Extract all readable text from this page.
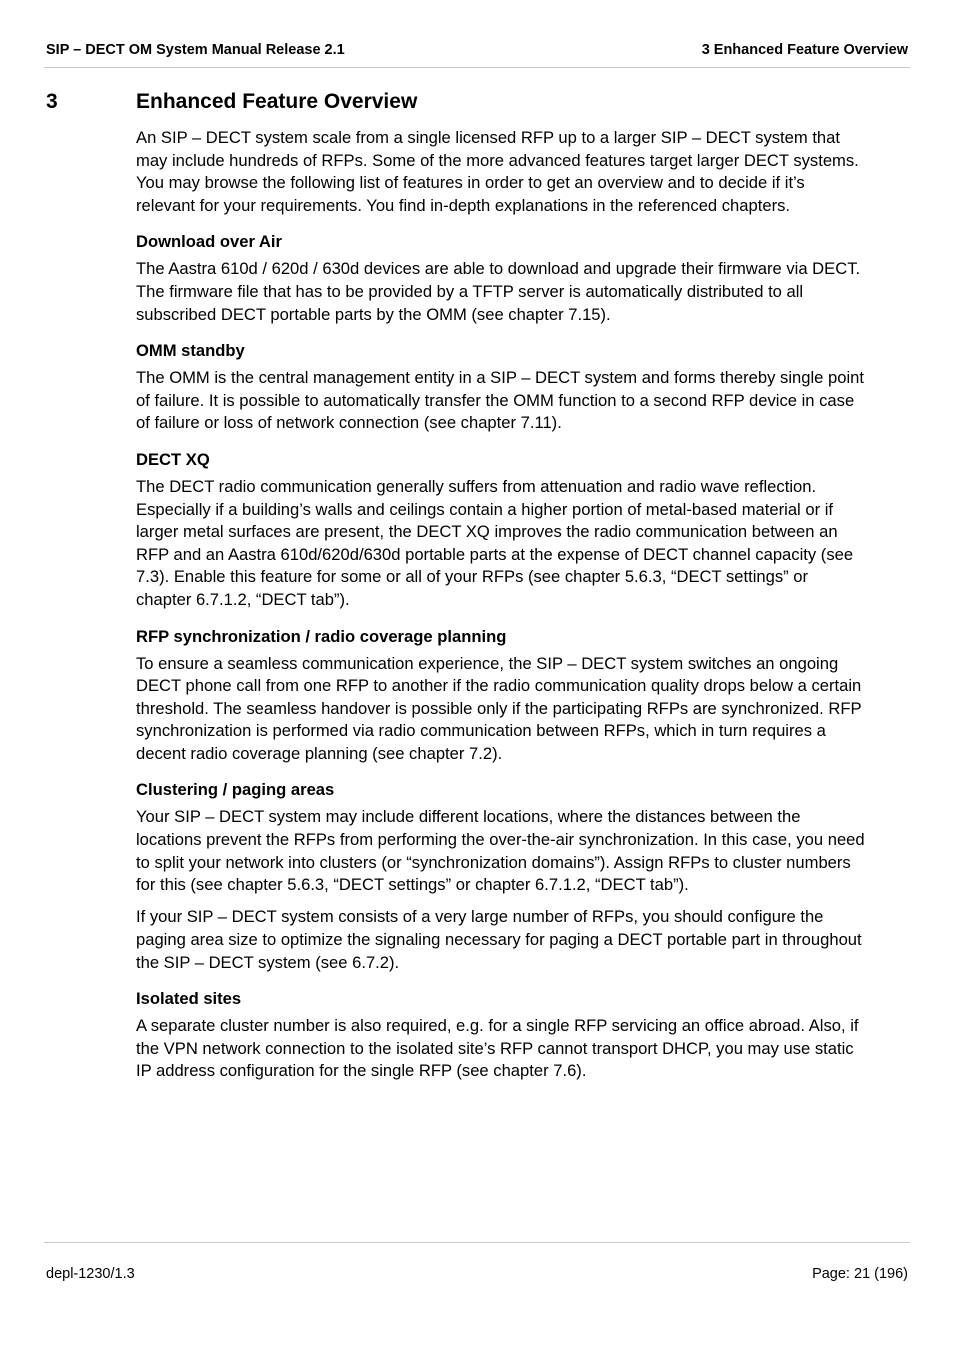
SIP – DECT OM System Manual Release 2.1	3 Enhanced Feature Overview
3	Enhanced Feature Overview

An SIP – DECT system scale from a single licensed RFP up to a larger SIP – DECT system that may include hundreds of RFPs. Some of the more advanced features target larger DECT systems. You may browse the following list of features in order to get an overview and to decide if it’s relevant for your requirements. You find in-depth explanations in the referenced chapters.

Download over Air

The Aastra 610d / 620d / 630d devices are able to download and upgrade their firmware via DECT. The firmware file that has to be provided by a TFTP server is automatically distributed to all subscribed DECT portable parts by the OMM (see chapter 7.15).

OMM standby

The OMM is the central management entity in a SIP – DECT system and forms thereby single point of failure. It is possible to automatically transfer the OMM function to a second RFP device in case of failure or loss of network connection (see chapter 7.11).

DECT XQ

The DECT radio communication generally suffers from attenuation and radio wave reflection. Especially if a building’s walls and ceilings contain a higher portion of metal-based material or if larger metal surfaces are present, the DECT XQ improves the radio communication between an RFP and an Aastra 610d/620d/630d portable parts at the expense of DECT channel capacity (see 7.3). Enable this feature for some or all of your RFPs (see chapter 5.6.3, “DECT settings” or chapter 6.7.1.2, “DECT tab”).

RFP synchronization / radio coverage planning

To ensure a seamless communication experience, the SIP – DECT system switches an ongoing DECT phone call from one RFP to another if the radio communication quality drops below a certain threshold. The seamless handover is possible only if the participating RFPs are synchronized. RFP synchronization is performed via radio communication between RFPs, which in turn requires a decent radio coverage planning (see chapter 7.2).

Clustering / paging areas

Your SIP – DECT system may include different locations, where the distances between the locations prevent the RFPs from performing the over-the-air synchronization. In this case, you need to split your network into clusters (or “synchronization domains”). Assign RFPs to cluster numbers for this (see chapter 5.6.3, “DECT settings” or chapter 6.7.1.2, “DECT tab”).

If your SIP – DECT system consists of a very large number of RFPs, you should configure the paging area size to optimize the signaling necessary for paging a DECT portable part in throughout the SIP – DECT system (see 6.7.2).

Isolated sites

A separate cluster number is also required, e.g. for a single RFP servicing an office abroad. Also, if the VPN network connection to the isolated site’s RFP cannot transport DHCP, you may use static IP address configuration for the single RFP (see chapter 7.6).

depl-1230/1.3	Page: 21 (196)
